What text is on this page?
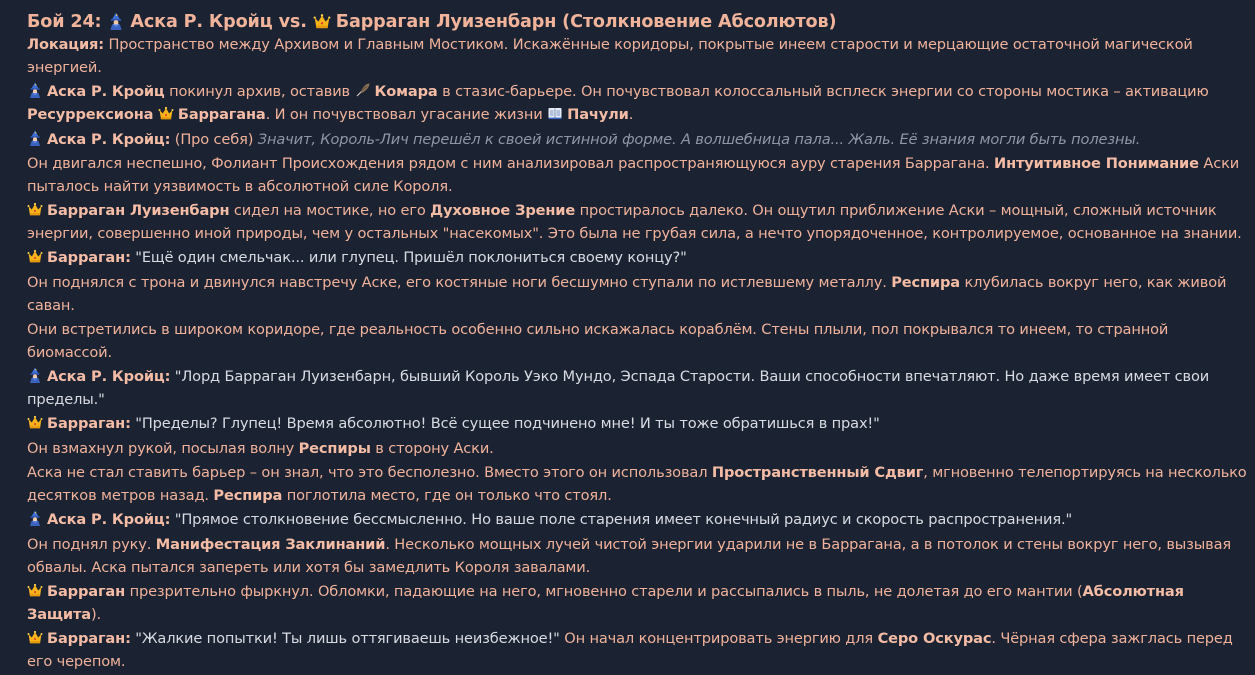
Бой 24: Аска Р. Кройц vs. Барраган Луизенбарн (Столкновение Абсолютов)

Локация: Пространство между Архивом и Главным Мостиком. Искажённые коридоры, покрытые инеем старости и мерцающие остаточной магической энергией.

Аска Р. Кройц покинул архив, оставив Комара в стазис-барьере. Он почувствовал колоссальный всплеск энергии со стороны мостика – активацию Ресуррексиона Баррагана. И он почувствовал угасание жизни Пачули.

Аска Р. Кройц: (Про себя) Значит, Король-Лич перешёл к своей истинной форме. А волшебница пала... Жаль. Её знания могли быть полезны.

Он двигался неспешно, Фолиант Происхождения рядом с ним анализировал распространяющуюся ауру старения Баррагана. Интуитивное Понимание Аски пыталось найти уязвимость в абсолютной силе Короля.

Барраган Луизенбарн сидел на мостике, но его Духовное Зрение простиралось далеко. Он ощутил приближение Аски – мощный, сложный источник энергии, совершенно иной природы, чем у остальных "насекомых". Это была не грубая сила, а нечто упорядоченное, контролируемое, основанное на знании.

Барраган: "Ещё один смельчак... или глупец. Пришёл поклониться своему концу?"

Он поднялся с трона и двинулся навстречу Аске, его костяные ноги бесшумно ступали по истлевшему металлу. Респира клубилась вокруг него, как живой саван.

Они встретились в широком коридоре, где реальность особенно сильно искажалась кораблём. Стены плыли, пол покрывался то инеем, то странной биомассой.

Аска Р. Кройц: "Лорд Барраган Луизенбарн, бывший Король Уэко Мундо, Эспада Старости. Ваши способности впечатляют. Но даже время имеет свои пределы."

Барраган: "Пределы? Глупец! Время абсолютно! Всё сущее подчинено мне! И ты тоже обратишься в прах!"

Он взмахнул рукой, посылая волну Респиры в сторону Аски.

Аска не стал ставить барьер – он знал, что это бесполезно. Вместо этого он использовал Пространственный Сдвиг, мгновенно телепортируясь на несколько десятков метров назад. Респира поглотила место, где он только что стоял.

Аска Р. Кройц: "Прямое столкновение бессмысленно. Но ваше поле старения имеет конечный радиус и скорость распространения."

Он поднял руку. Манифестация Заклинаний. Несколько мощных лучей чистой энергии ударили не в Баррагана, а в потолок и стены вокруг него, вызывая обвалы. Аска пытался запереть или хотя бы замедлить Короля завалами.

Барраган презрительно фыркнул. Обломки, падающие на него, мгновенно старели и рассыпались в пыль, не долетая до его мантии (Абсолютная Защита).

Барраган: "Жалкие попытки! Ты лишь оттягиваешь неизбежное!" Он начал концентрировать энергию для Серо Оскурас. Чёрная сфера зажглась перед его черепом.
